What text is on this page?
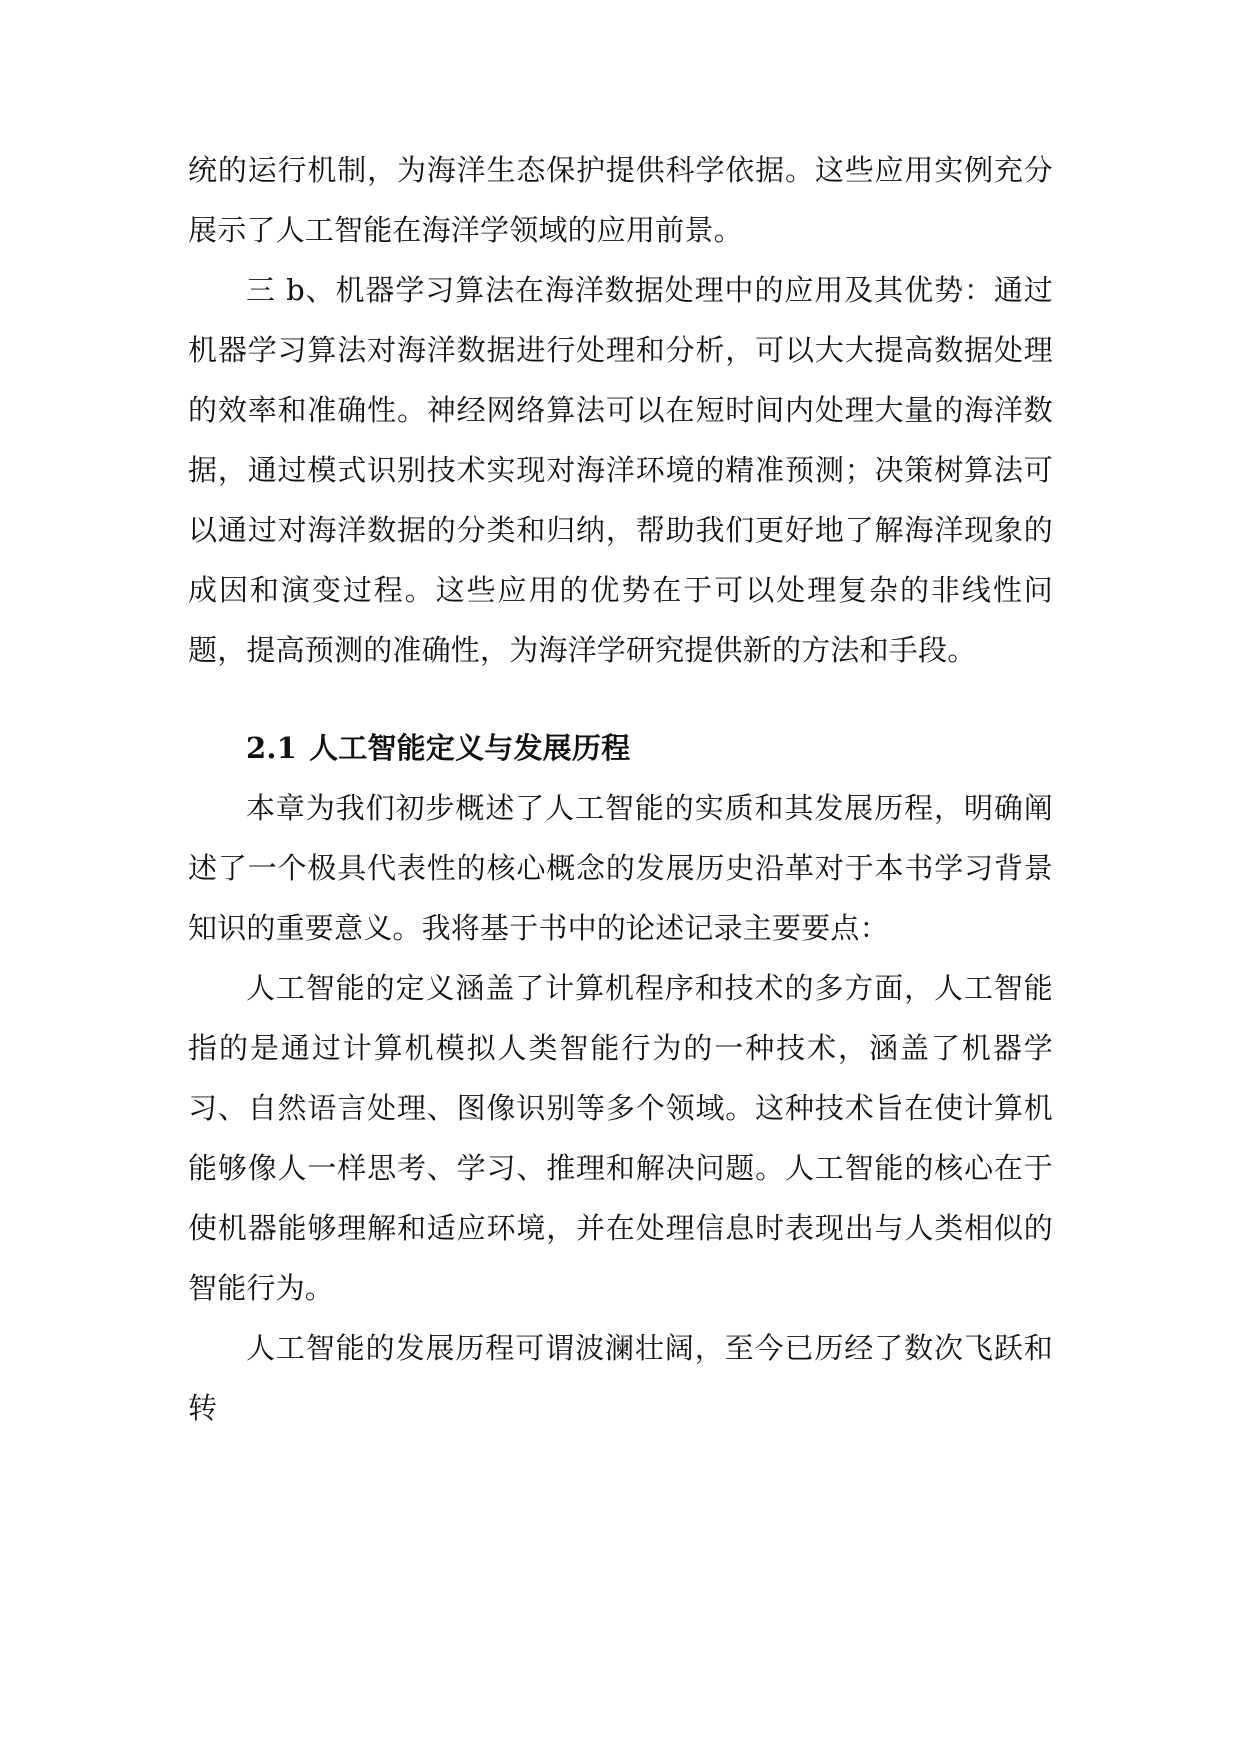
统的运行机制，为海洋生态保护提供科学依据。这些应用实例充分展示了人工智能在海洋学领域的应用前景。

三 b、机器学习算法在海洋数据处理中的应用及其优势：通过机器学习算法对海洋数据进行处理和分析，可以大大提高数据处理的效率和准确性。神经网络算法可以在短时间内处理大量的海洋数据，通过模式识别技术实现对海洋环境的精准预测；决策树算法可以通过对海洋数据的分类和归纳，帮助我们更好地了解海洋现象的成因和演变过程。这些应用的优势在于可以处理复杂的非线性问题，提高预测的准确性，为海洋学研究提供新的方法和手段。

2.1 人工智能定义与发展历程

本章为我们初步概述了人工智能的实质和其发展历程，明确阐述了一个极具代表性的核心概念的发展历史沿革对于本书学习背景知识的重要意义。我将基于书中的论述记录主要要点：

人工智能的定义涵盖了计算机程序和技术的多方面，人工智能指的是通过计算机模拟人类智能行为的一种技术，涵盖了机器学习、自然语言处理、图像识别等多个领域。这种技术旨在使计算机能够像人一样思考、学习、推理和解决问题。人工智能的核心在于使机器能够理解和适应环境，并在处理信息时表现出与人类相似的智能行为。

人工智能的发展历程可谓波澜壮阔，至今已历经了数次飞跃和转
